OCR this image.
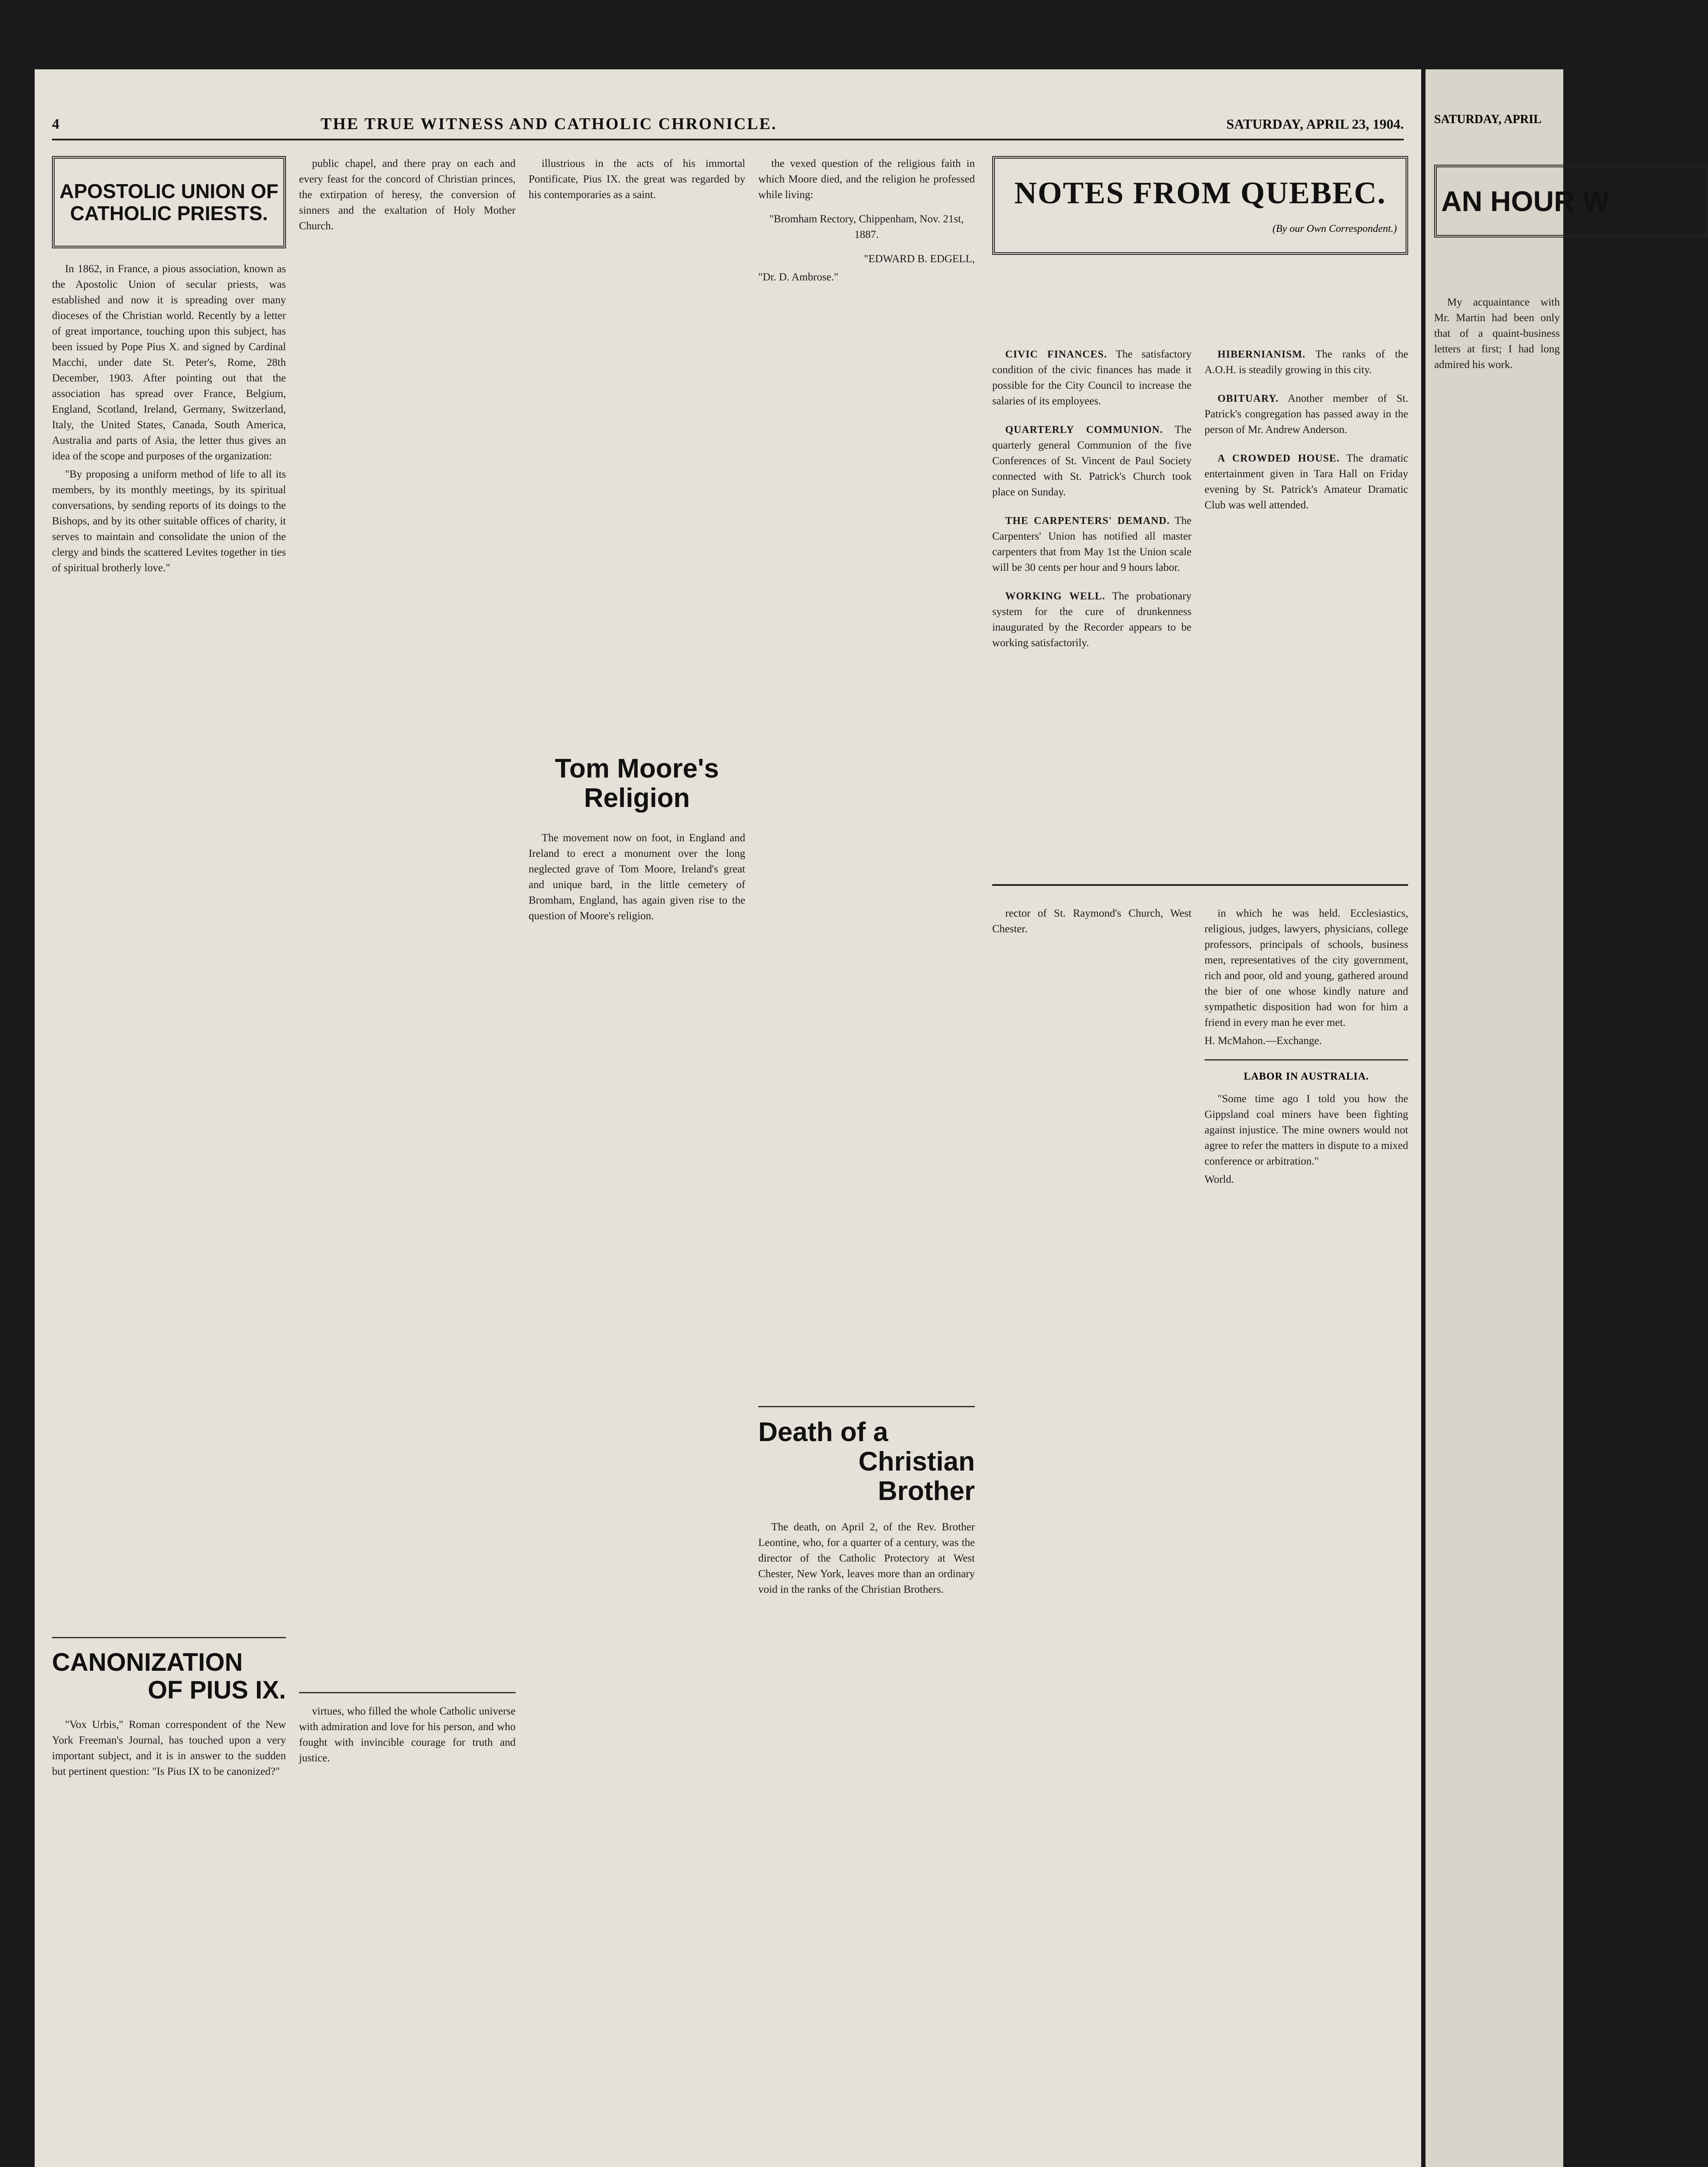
4	THE TRUE WITNESS AND CATHOLIC CHRONICLE.	SATURDAY, APRIL 23, 1904.
APOSTOLIC UNION OF CATHOLIC PRIESTS.

In 1862, in France, a pious association, known as the Apostolic Union of secular priests, was established and now it is spreading over many dioceses of the Christian world. Recently by a letter of great importance, touching upon this subject, has been issued by Pope Pius X. and signed by Cardinal Macchi, under date St. Peter's, Rome, 28th December, 1903. After pointing out that the association has spread over France, Belgium, England, Scotland, Ireland, Germany, Switzerland, Italy, the United States, Canada, South America, Australia and parts of Asia, the letter thus gives an idea of the scope and purposes of the organization:

"By proposing a uniform method of life to all its members, by its monthly meetings, by its spiritual conversations, by sending reports of its doings to the Bishops, and by its other suitable offices of charity, it serves to maintain and consolidate the union of the clergy and binds the scattered Levites together in ties of spiritual brotherly love."

CANONIZATION
OF PIUS IX.

"Vox Urbis," Roman correspondent of the New York Freeman's Journal, has touched upon a very important subject, and it is in answer to the sudden but pertinent question: "Is Pius IX to be canonized?"

public chapel, and there pray on each and every feast for the concord of Christian princes, the extirpation of heresy, the conversion of sinners and the exaltation of Holy Mother Church.

virtues, who filled the whole Catholic universe with admiration and love for his person, and who fought with invincible courage for truth and justice.

illustrious in the acts of his immortal Pontificate, Pius IX. the great was regarded by his contemporaries as a saint.

Tom Moore's Religion

The movement now on foot, in England and Ireland to erect a monument over the long neglected grave of Tom Moore, Ireland's great and unique bard, in the little cemetery of Bromham, England, has again given rise to the question of Moore's religion.

the vexed question of the religious faith in which Moore died, and the religion he professed while living:

"Bromham Rectory, Chippenham, Nov. 21st, 1887.

"EDWARD B. EDGELL,

"Dr. D. Ambrose."

Death of a
Christian Brother

The death, on April 2, of the Rev. Brother Leontine, who, for a quarter of a century, was the director of the Catholic Protectory at West Chester, New York, leaves more than an ordinary void in the ranks of the Christian Brothers.

NOTES FROM QUEBEC.
(By our Own Correspondent.)

CIVIC FINANCES. The satisfactory condition of the civic finances has made it possible for the City Council to increase the salaries of its employees.

QUARTERLY COMMUNION. The quarterly general Communion of the five Conferences of St. Vincent de Paul Society connected with St. Patrick's Church took place on Sunday.

THE CARPENTERS' DEMAND. The Carpenters' Union has notified all master carpenters that from May 1st the Union scale will be 30 cents per hour and 9 hours labor.

WORKING WELL. The probationary system for the cure of drunkenness inaugurated by the Recorder appears to be working satisfactorily.

HIBERNIANISM. The ranks of the A.O.H. is steadily growing in this city.

OBITUARY. Another member of St. Patrick's congregation has passed away in the person of Mr. Andrew Anderson.

A CROWDED HOUSE. The dramatic entertainment given in Tara Hall on Friday evening by St. Patrick's Amateur Dramatic Club was well attended.

rector of St. Raymond's Church, West Chester.

in which he was held. Ecclesiastics, religious, judges, lawyers, physicians, college professors, principals of schools, business men, representatives of the city government, rich and poor, old and young, gathered around the bier of one whose kindly nature and sympathetic disposition had won for him a friend in every man he ever met.

H. McMahon.—Exchange.

LABOR IN AUSTRALIA.

"Some time ago I told you how the Gippsland coal miners have been fighting against injustice. The mine owners would not agree to refer the matters in dispute to a mixed conference or arbitration."

World.

SATURDAY, APRIL
AN HOUR W

My acquaintance with Mr. Martin had been only that of a quaint-business letters at first; I had long admired his work.
